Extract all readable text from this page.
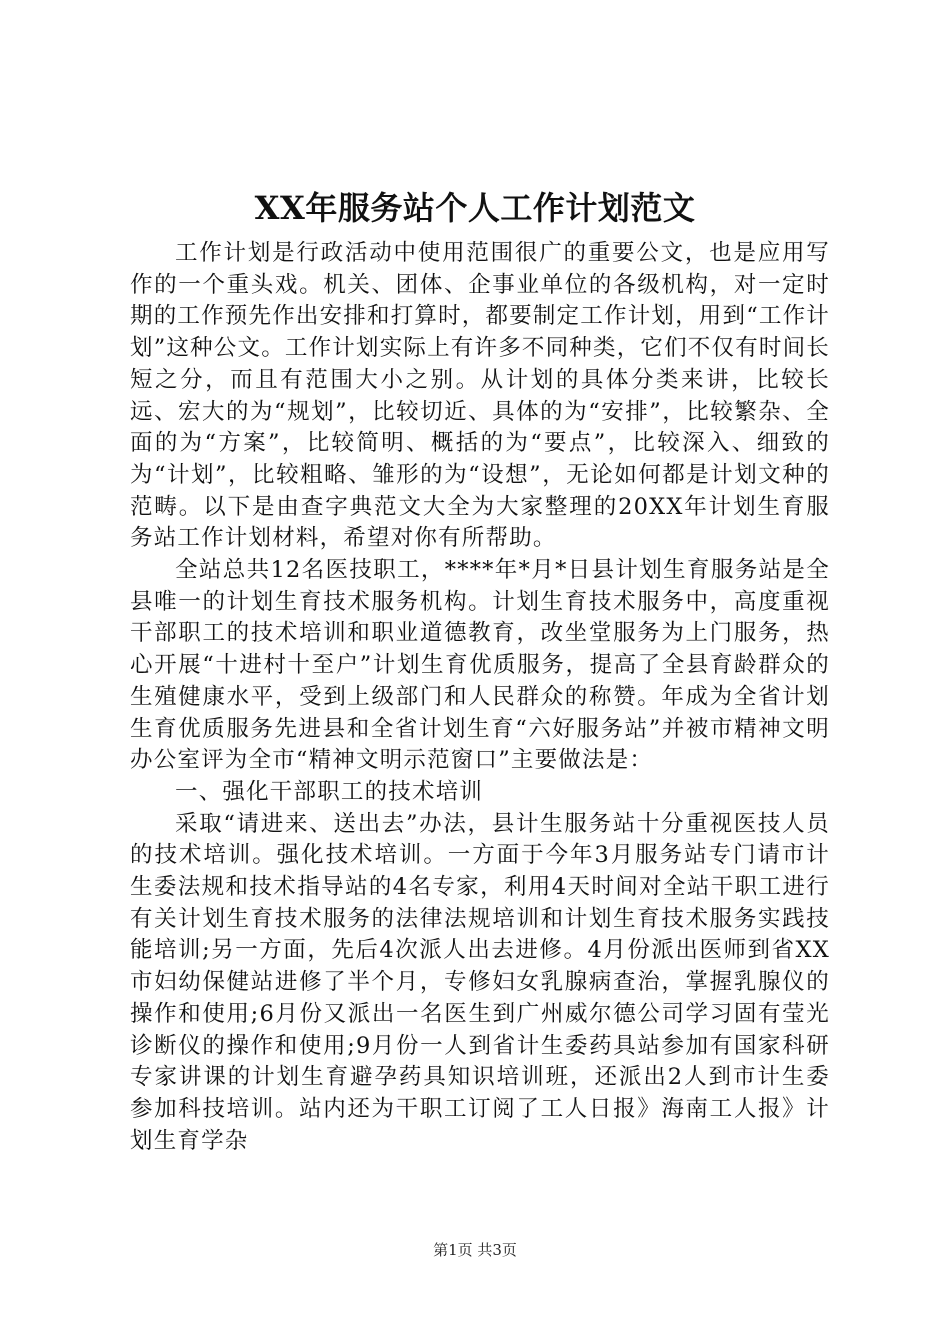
XX年服务站个人工作计划范文

工作计划是行政活动中使用范围很广的重要公文，也是应用写作的一个重头戏。机关、团体、企事业单位的各级机构，对一定时期的工作预先作出安排和打算时，都要制定工作计划，用到“工作计划”这种公文。工作计划实际上有许多不同种类，它们不仅有时间长短之分，而且有范围大小之别。从计划的具体分类来讲，比较长远、宏大的为“规划”，比较切近、具体的为“安排”，比较繁杂、全面的为“方案”，比较简明、概括的为“要点”，比较深入、细致的为“计划”，比较粗略、雏形的为“设想”，无论如何都是计划文种的范畴。以下是由查字典范文大全为大家整理的20XX年计划生育服务站工作计划材料，希望对你有所帮助。

全站总共12名医技职工，****年*月*日县计划生育服务站是全县唯一的计划生育技术服务机构。计划生育技术服务中，高度重视干部职工的技术培训和职业道德教育，改坐堂服务为上门服务，热心开展“十进村十至户”计划生育优质服务，提高了全县育龄群众的生殖健康水平，受到上级部门和人民群众的称赞。年成为全省计划生育优质服务先进县和全省计划生育“六好服务站”并被市精神文明办公室评为全市“精神文明示范窗口”主要做法是：

一、强化干部职工的技术培训

采取“请进来、送出去”办法，县计生服务站十分重视医技人员的技术培训。强化技术培训。一方面于今年3月服务站专门请市计生委法规和技术指导站的4名专家，利用4天时间对全站干职工进行有关计划生育技术服务的法律法规培训和计划生育技术服务实践技能培训;另一方面，先后4次派人出去进修。4月份派出医师到省XX市妇幼保健站进修了半个月，专修妇女乳腺病查治，掌握乳腺仪的操作和使用;6月份又派出一名医生到广州威尔德公司学习固有莹光诊断仪的操作和使用;9月份一人到省计生委药具站参加有国家科研专家讲课的计划生育避孕药具知识培训班，还派出2人到市计生委参加科技培训。站内还为干职工订阅了工人日报》海南工人报》计划生育学杂

第1页 共3页
